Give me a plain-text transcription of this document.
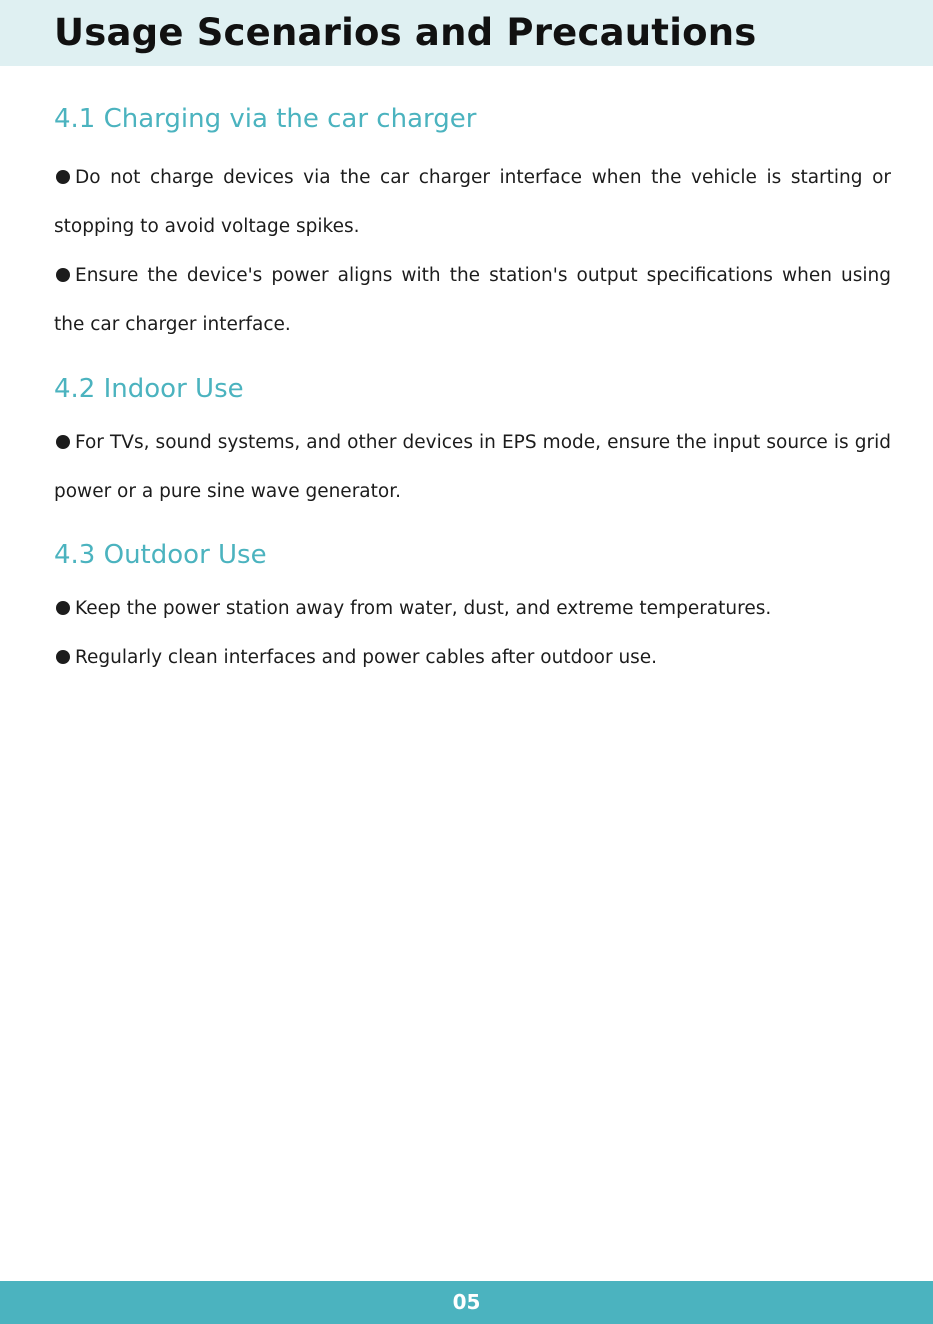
Usage Scenarios and Precautions
4.1 Charging via the car charger

Do not charge devices via the car charger interface when the vehicle is starting or stopping to avoid voltage spikes.

Ensure the device's power aligns with the station's output specifications when using the car charger interface.

4.2 Indoor Use

For TVs, sound systems, and other devices in EPS mode, ensure the input source is grid power or a pure sine wave generator.

4.3 Outdoor Use

Keep the power station away from water, dust, and extreme temperatures.

Regularly clean interfaces and power cables after outdoor use.

05
